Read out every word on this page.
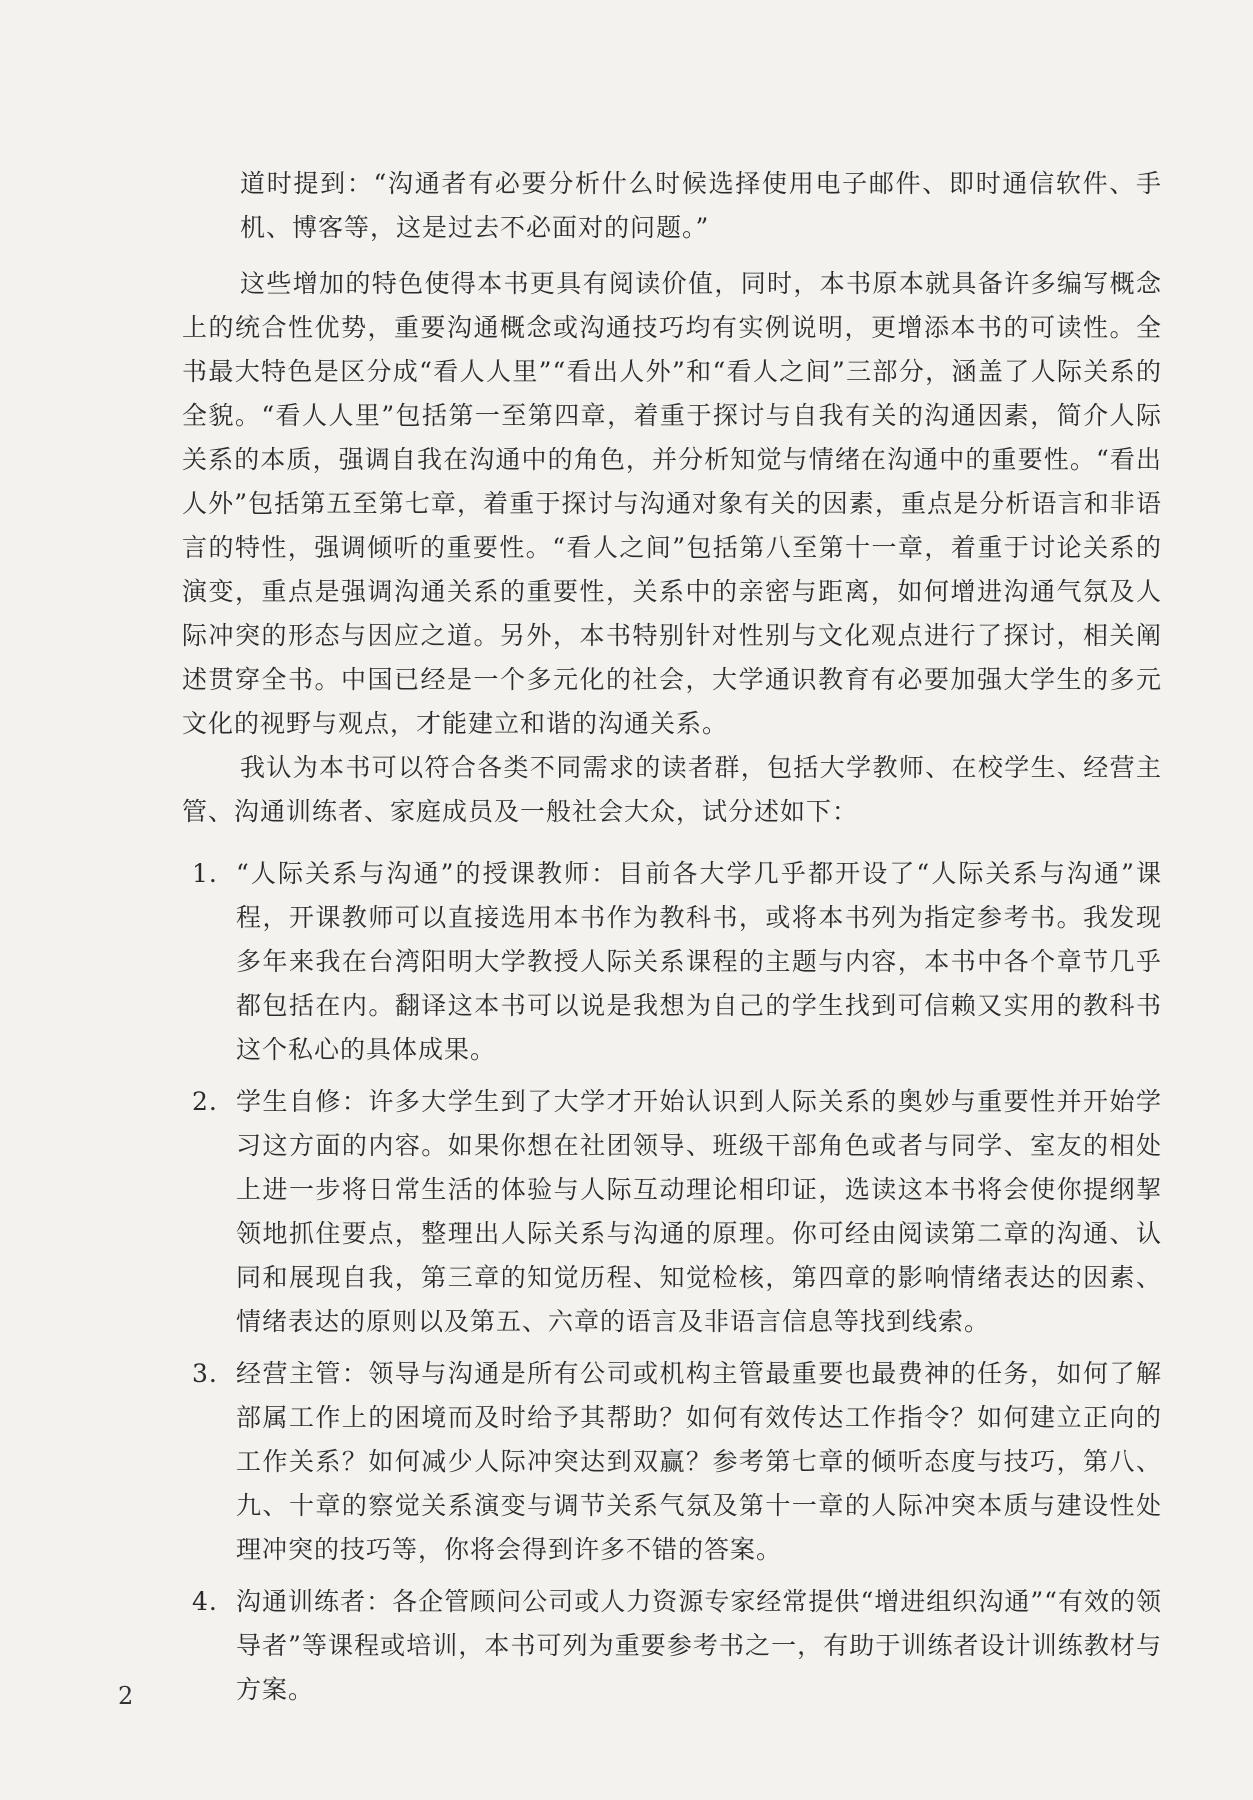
道时提到：“沟通者有必要分析什么时候选择使用电子邮件、即时通信软件、手机、博客等，这是过去不必面对的问题。”

这些增加的特色使得本书更具有阅读价值，同时，本书原本就具备许多编写概念上的统合性优势，重要沟通概念或沟通技巧均有实例说明，更增添本书的可读性。全书最大特色是区分成“看人人里”“看出人外”和“看人之间”三部分，涵盖了人际关系的全貌。“看人人里”包括第一至第四章，着重于探讨与自我有关的沟通因素，简介人际关系的本质，强调自我在沟通中的角色，并分析知觉与情绪在沟通中的重要性。“看出人外”包括第五至第七章，着重于探讨与沟通对象有关的因素，重点是分析语言和非语言的特性，强调倾听的重要性。“看人之间”包括第八至第十一章，着重于讨论关系的演变，重点是强调沟通关系的重要性，关系中的亲密与距离，如何增进沟通气氛及人际冲突的形态与因应之道。另外，本书特别针对性别与文化观点进行了探讨，相关阐述贯穿全书。中国已经是一个多元化的社会，大学通识教育有必要加强大学生的多元文化的视野与观点，才能建立和谐的沟通关系。

我认为本书可以符合各类不同需求的读者群，包括大学教师、在校学生、经营主管、沟通训练者、家庭成员及一般社会大众，试分述如下：

1. “人际关系与沟通”的授课教师：目前各大学几乎都开设了“人际关系与沟通”课程，开课教师可以直接选用本书作为教科书，或将本书列为指定参考书。我发现多年来我在台湾阳明大学教授人际关系课程的主题与内容，本书中各个章节几乎都包括在内。翻译这本书可以说是我想为自己的学生找到可信赖又实用的教科书这个私心的具体成果。
2. 学生自修：许多大学生到了大学才开始认识到人际关系的奥妙与重要性并开始学习这方面的内容。如果你想在社团领导、班级干部角色或者与同学、室友的相处上进一步将日常生活的体验与人际互动理论相印证，选读这本书将会使你提纲挈领地抓住要点，整理出人际关系与沟通的原理。你可经由阅读第二章的沟通、认同和展现自我，第三章的知觉历程、知觉检核，第四章的影响情绪表达的因素、情绪表达的原则以及第五、六章的语言及非语言信息等找到线索。
3. 经营主管：领导与沟通是所有公司或机构主管最重要也最费神的任务，如何了解部属工作上的困境而及时给予其帮助？如何有效传达工作指令？如何建立正向的工作关系？如何减少人际冲突达到双赢？参考第七章的倾听态度与技巧，第八、九、十章的察觉关系演变与调节关系气氛及第十一章的人际冲突本质与建设性处理冲突的技巧等，你将会得到许多不错的答案。
4. 沟通训练者：各企管顾问公司或人力资源专家经常提供“增进组织沟通”“有效的领导者”等课程或培训，本书可列为重要参考书之一，有助于训练者设计训练教材与方案。
2
